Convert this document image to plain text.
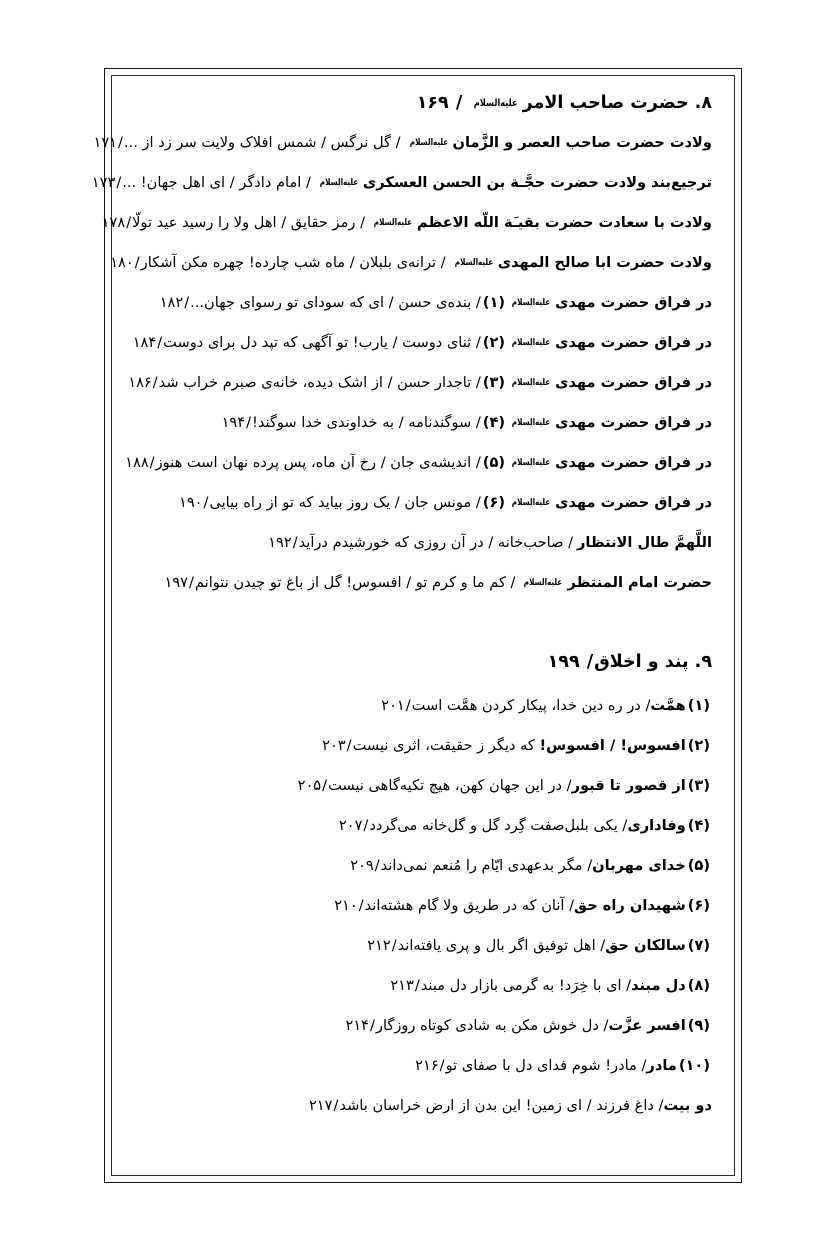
۸. حضرت صاحب الامرعلیه‌السلام / ۱۶۹
ولادت حضرت صاحب العصر و الزَّمانعلیه‌السلام/ گل نرگس / شمس افلاک ولایت سر زد از .../۱۷۱
ترجیع‌بند ولادت حضرت حجَّـة بن الحسن العسکریعلیه‌السلام/ امام دادگر / ای اهل جهان! .../۱۷۳
ولادت با سعادت حضرت بقیـَة اللّه الاعظمعلیه‌السلام/ رمز حقایق / اهل ولا را رسید عید تولّا/۱۷۸
ولادت حضرت ابا صالح المهدیعلیه‌السلام/ ترانه‌ی بلبلان / ماه شب چارده! چهره مکن آشکار/۱۸۰
در فراق حضرت مهدیعلیه‌السلام(۱)/ بنده‌ی حسن / ای که سودای تو رسوای جهان.../۱۸۲
در فراق حضرت مهدیعلیه‌السلام(۲)/ ثنای دوست / یارب! تو آگهی که تپد دل برای دوست/۱۸۴
در فراق حضرت مهدیعلیه‌السلام(۳)/ تاجدار حسن / از اشک دیده، خانه‌ی صبرم خراب شد/۱۸۶
در فراق حضرت مهدیعلیه‌السلام(۴)/ سوگندنامه / به خداوندی خدا سوگند!/۱۹۴
در فراق حضرت مهدیعلیه‌السلام(۵)/ اندیشه‌ی جان / رخ آن ماه، پس پرده نهان است هنوز/۱۸۸
در فراق حضرت مهدیعلیه‌السلام(۶)/ مونس جان / یک روز بیاید که تو از راه بیایی/۱۹۰
اللَّهمَّ طال الانتظار/ صاحب‌خانه / در آن روزی که خورشیدم درآید/۱۹۲
حضرت امام المنتظرعلیه‌السلام/ کم ما و کرم تو / افسوس! گل از باغ تو چیدن نتوانم/۱۹۷
۹. پند و اخلاق/ ۱۹۹
(۱)همَّت/ در ره دین خدا، پیکار کردن همَّت است/۲۰۱
(۲)افسوس! / افسوس! که دیگر ز حقیقت، اثری نیست/۲۰۳
(۳)از قصور تا قبور/ در این جهان کهن، هیچ تکیه‌گاهی نیست/۲۰۵
(۴)وفاداری/ یکی بلبل‌صفت گِرد گل و گل‌خانه می‌گردد/۲۰۷
(۵)خدای مهربان/ مگر بدعهدی ایّام را مُنعم نمی‌داند/۲۰۹
(۶)شهیدان راه حق/ آنان که در طریق ولا گام هشته‌اند/۲۱۰
(۷)سالکان حق/ اهل توفیق اگر بال و پری یافته‌اند/۲۱۲
(۸)دل مبند/ ای با خِرَد! به گرمی بازار دل مبند/۲۱۳
(۹)افسر عزَّت/ دل خوش مکن به شادی کوتاه روزگار/۲۱۴
(۱۰)مادر/ مادر! شوم فدای دل با صفای تو/۲۱۶
دو بیت/ داغ فرزند / ای زمین! این بدن از ارض خراسان باشد/۲۱۷
